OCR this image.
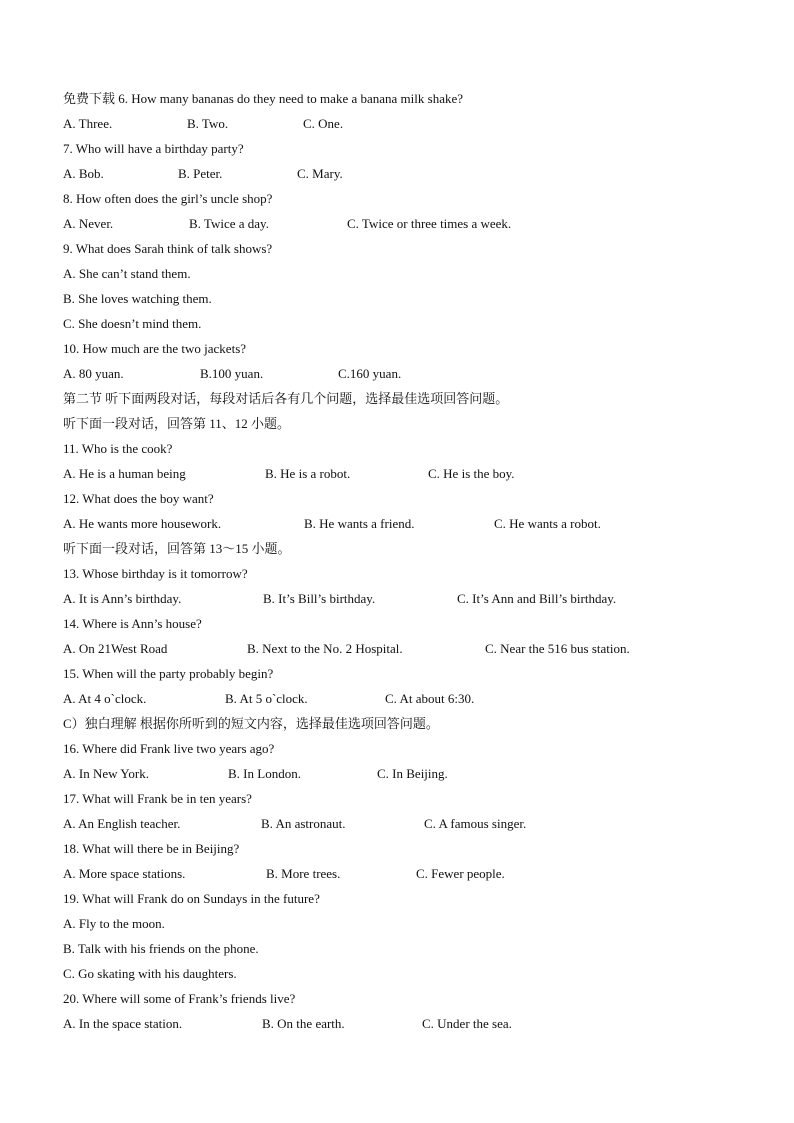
免费下载 6. How many bananas do they need to make a banana milk shake?
A. Three.	B. Two.	C. One.
7. Who will have a birthday party?
A. Bob.	B. Peter.	C. Mary.
8. How often does the girl’s uncle shop?
A. Never.	B. Twice a day.	C. Twice or three times a week.
9. What does Sarah think of talk shows?
A. She can’t stand them.
B. She loves watching them.
C. She doesn’t mind them.
10. How much are the two jackets?
A. 80 yuan.	B.100 yuan.	C.160 yuan.
第二节 听下面两段对话，每段对话后各有几个问题，选择最佳选项回答问题。
听下面一段对话，回答第 11、12 小题。
11. Who is the cook?
A. He is a human being	B. He is a robot.	C. He is the boy.
12. What does the boy want?
A. He wants more housework.	B. He wants a friend.	C. He wants a robot.
听下面一段对话，回答第 13～15 小题。
13. Whose birthday is it tomorrow?
A. It is Ann’s birthday.	B. It’s Bill’s birthday.	C. It’s Ann and Bill’s birthday.
14. Where is Ann’s house?
A. On 21West Road	B. Next to the No. 2 Hospital.	C. Near the 516 bus station.
15. When will the party probably begin?
A. At 4 o`clock.	B. At 5 o`clock.	C. At about 6:30.
C）独白理解 根据你所听到的短文内容，选择最佳选项回答问题。
16. Where did Frank live two years ago?
A. In New York.	B. In London.	C. In Beijing.
17. What will Frank be in ten years?
A. An English teacher.	B. An astronaut.	C. A famous singer.
18. What will there be in Beijing?
A. More space stations.	B. More trees.	C. Fewer people.
19. What will Frank do on Sundays in the future?
A. Fly to the moon.
B. Talk with his friends on the phone.
C. Go skating with his daughters.
20. Where will some of Frank’s friends live?
A. In the space station.	B. On the earth.	C. Under the sea.
